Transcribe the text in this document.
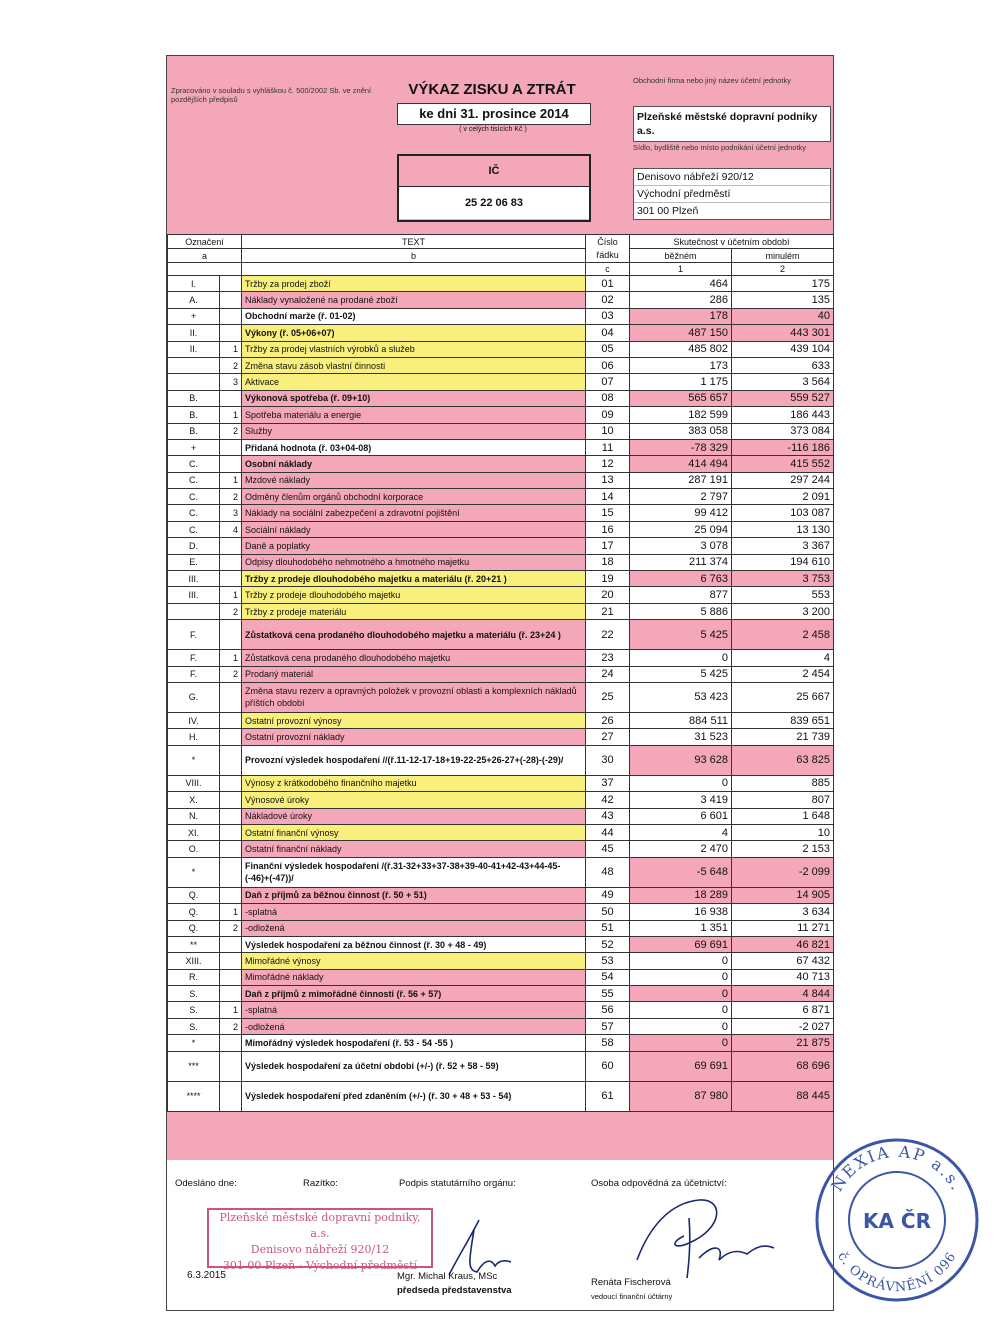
Zpracováno v souladu s vyhláškou č. 500/2002 Sb. ve znění pozdějších předpisů
VÝKAZ ZISKU A ZTRÁT
ke dni 31. prosince 2014
( v celých tisících Kč )
IČ
25 22 06 83
Obchodní firma nebo jiný název účetní jednotky
Plzeňské městské dopravní podniky a.s.
Sídlo, bydliště nebo místo podnikání účetní jednotky
Denisovo nábřeží 920/12
Východní předměstí
301 00 Plzeň
Označení		TEXT	Číslo řádku	Skutečnost v účetním období	
a		b		běžném	minulém
			c	1	2
I.		Tržby za prodej zboží	01	464	175
A.		Náklady vynaložené na prodané zboží	02	286	135
+		Obchodní marže (ř. 01-02)	03	178	40
II.		Výkony (ř. 05+06+07)	04	487 150	443 301
II.	1	Tržby za prodej vlastních výrobků a služeb	05	485 802	439 104
	2	Změna stavu zásob vlastní činnosti	06	173	633
	3	Aktivace	07	1 175	3 564
B.		Výkonová spotřeba (ř. 09+10)	08	565 657	559 527
B.	1	Spotřeba materiálu a energie	09	182 599	186 443
B.	2	Služby	10	383 058	373 084
+		Přidaná hodnota (ř. 03+04-08)	11	-78 329	-116 186
C.		Osobní náklady	12	414 494	415 552
C.	1	Mzdové náklady	13	287 191	297 244
C.	2	Odměny členům orgánů obchodní korporace	14	2 797	2 091
C.	3	Náklady na sociální zabezpečení a zdravotní pojištění	15	99 412	103 087
C.	4	Sociální náklady	16	25 094	13 130
D.		Daně a poplatky	17	3 078	3 367
E.		Odpisy dlouhodobého nehmotného a hmotného majetku	18	211 374	194 610
III.		Tržby z prodeje dlouhodobého majetku a materiálu (ř. 20+21 )	19	6 763	3 753
III.	1	Tržby z prodeje dlouhodobého majetku	20	877	553
	2	Tržby z prodeje materiálu	21	5 886	3 200
F.		Zůstatková cena prodaného dlouhodobého majetku a materiálu (ř. 23+24 )	22	5 425	2 458
F.	1	Zůstatková cena prodaného dlouhodobého majetku	23	0	4
F.	2	Prodaný materiál	24	5 425	2 454
G.		Změna stavu rezerv a opravných položek v provozní oblasti a komplexních nákladů příštích období	25	53 423	25 667
IV.		Ostatní provozní výnosy	26	884 511	839 651
H.		Ostatní provozní náklady	27	31 523	21 739
*		Provozní výsledek hospodaření //(ř.11-12-17-18+19-22-25+26-27+(-28)-(-29)/	30	93 628	63 825
VIII.		Výnosy z krátkodobého finančního majetku	37	0	885
X.		Výnosové úroky	42	3 419	807
N.		Nákladové úroky	43	6 601	1 648
XI.		Ostatní finanční výnosy	44	4	10
O.		Ostatní finanční náklady	45	2 470	2 153
*		Finanční výsledek hospodaření /(ř.31-32+33+37-38+39-40-41+42-43+44-45-(-46)+(-47))/	48	-5 648	-2 099
Q.		Daň z příjmů za běžnou činnost (ř. 50 + 51)	49	18 289	14 905
Q.	1	-splatná	50	16 938	3 634
Q.	2	-odložená	51	1 351	11 271
**		Výsledek hospodaření za běžnou činnost (ř. 30 + 48 - 49)	52	69 691	46 821
XIII.		Mimořádné výnosy	53	0	67 432
R.		Mimořádné náklady	54	0	40 713
S.		Daň z příjmů z mimořádné činnosti (ř. 56 + 57)	55	0	4 844
S.	1	-splatná	56	0	6 871
S.	2	-odložená	57	0	-2 027
*		Mimořádný výsledek hospodaření (ř. 53 - 54 -55 )	58	0	21 875
***		Výsledek hospodaření za účetní období (+/-) (ř. 52 + 58 - 59)	60	69 691	68 696
****		Výsledek hospodaření před zdaněním (+/-) (ř. 30 + 48 + 53 - 54)	61	87 980	88 445
Odesláno dne:	Razítko:	Podpis statutárního orgánu:	Osoba odpovědná za účetnictví:
Plzeňské městské dopravní podniky, a.s.
Denisovo nábřeží 920/12
301 00 Plzeň - Východní předměstí
6.3.2015	Mgr. Michal Kraus, MSc
předseda představenstva
Renáta Fischerová
vedoucí finanční účtárny
NEXIA AP a.s.
č. OPRÁVNĚNÍ 096
KA ČR
